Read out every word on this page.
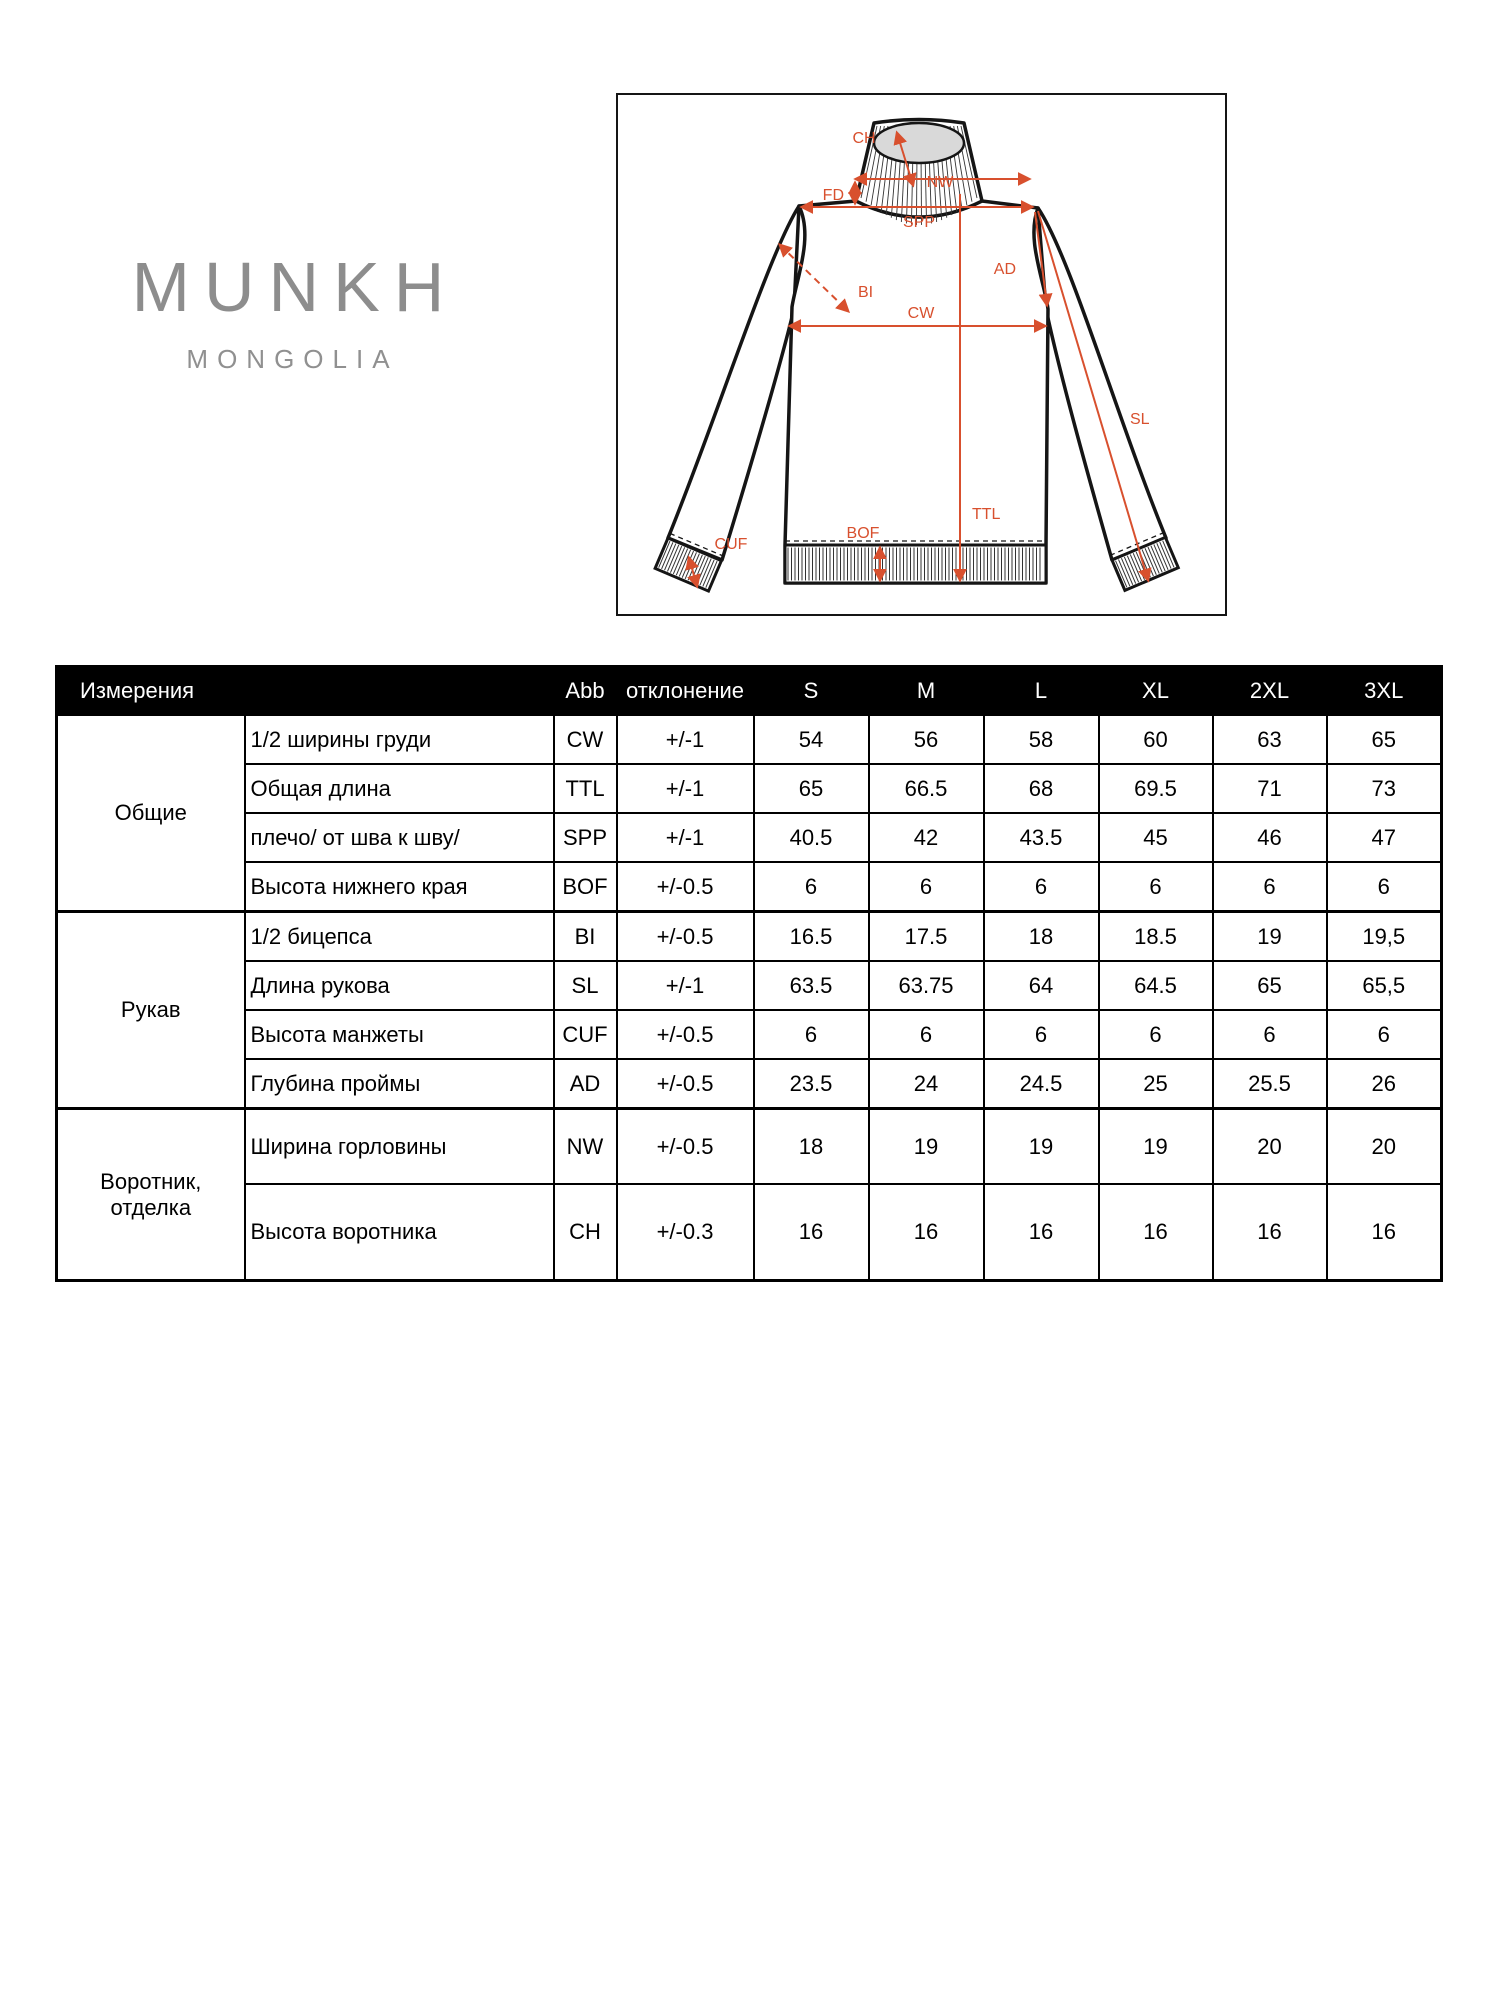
MUNKH
MONGOLIA
CH
NW
FD
SPP
AD
BI
CW
SL
TTL
BOF
CUF
Измерения		Abb	отклонение	S	M	L	XL	2XL	3XL
Общие	1/2 ширины груди	CW	+/-1	54	56	58	60	63	65
	Общая длина	TTL	+/-1	65	66.5	68	69.5	71	73
	плечо/ от шва к шву/	SPP	+/-1	40.5	42	43.5	45	46	47
	Высота нижнего края	BOF	+/-0.5	6	6	6	6	6	6
Рукав	1/2 бицепса	BI	+/-0.5	16.5	17.5	18	18.5	19	19,5
	Длина рукова	SL	+/-1	63.5	63.75	64	64.5	65	65,5
	Высота манжеты	CUF	+/-0.5	6	6	6	6	6	6
	Глубина проймы	AD	+/-0.5	23.5	24	24.5	25	25.5	26
Воротник, отделка	Ширина горловины	NW	+/-0.5	18	19	19	19	20	20
	Высота воротника	CH	+/-0.3	16	16	16	16	16	16
